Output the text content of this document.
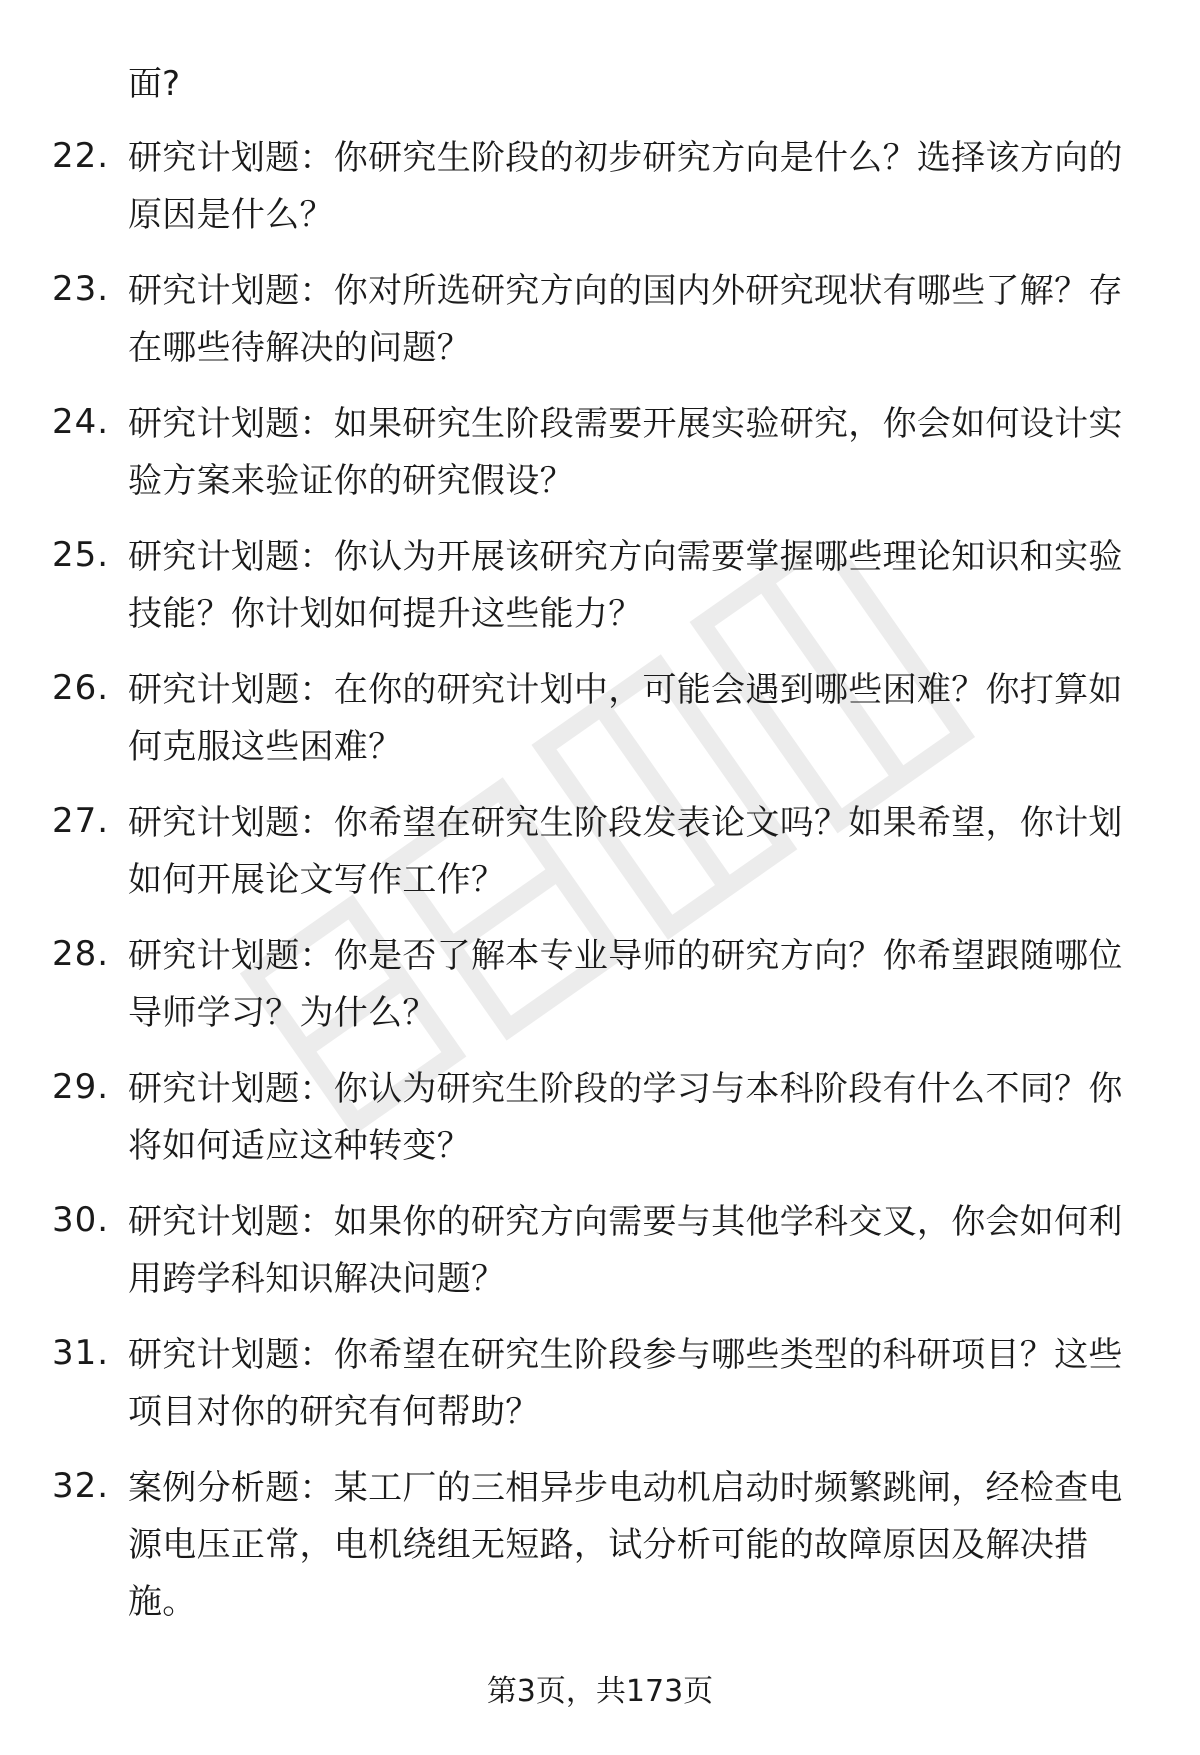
面?
22. 研究计划题：你研究生阶段的初步研究方向是什么？选择该方向的原因是什么？
23. 研究计划题：你对所选研究方向的国内外研究现状有哪些了解？存在哪些待解决的问题？
24. 研究计划题：如果研究生阶段需要开展实验研究，你会如何设计实验方案来验证你的研究假设？
25. 研究计划题：你认为开展该研究方向需要掌握哪些理论知识和实验技能？你计划如何提升这些能力？
26. 研究计划题：在你的研究计划中，可能会遇到哪些困难？你打算如何克服这些困难？
27. 研究计划题：你希望在研究生阶段发表论文吗？如果希望，你计划如何开展论文写作工作？
28. 研究计划题：你是否了解本专业导师的研究方向？你希望跟随哪位导师学习？为什么？
29. 研究计划题：你认为研究生阶段的学习与本科阶段有什么不同？你将如何适应这种转变？
30. 研究计划题：如果你的研究方向需要与其他学科交叉，你会如何利用跨学科知识解决问题？
31. 研究计划题：你希望在研究生阶段参与哪些类型的科研项目？这些项目对你的研究有何帮助？
32. 案例分析题：某工厂的三相异步电动机启动时频繁跳闸，经检查电源电压正常，电机绕组无短路，试分析可能的故障原因及解决措施。
第3页，共173页
